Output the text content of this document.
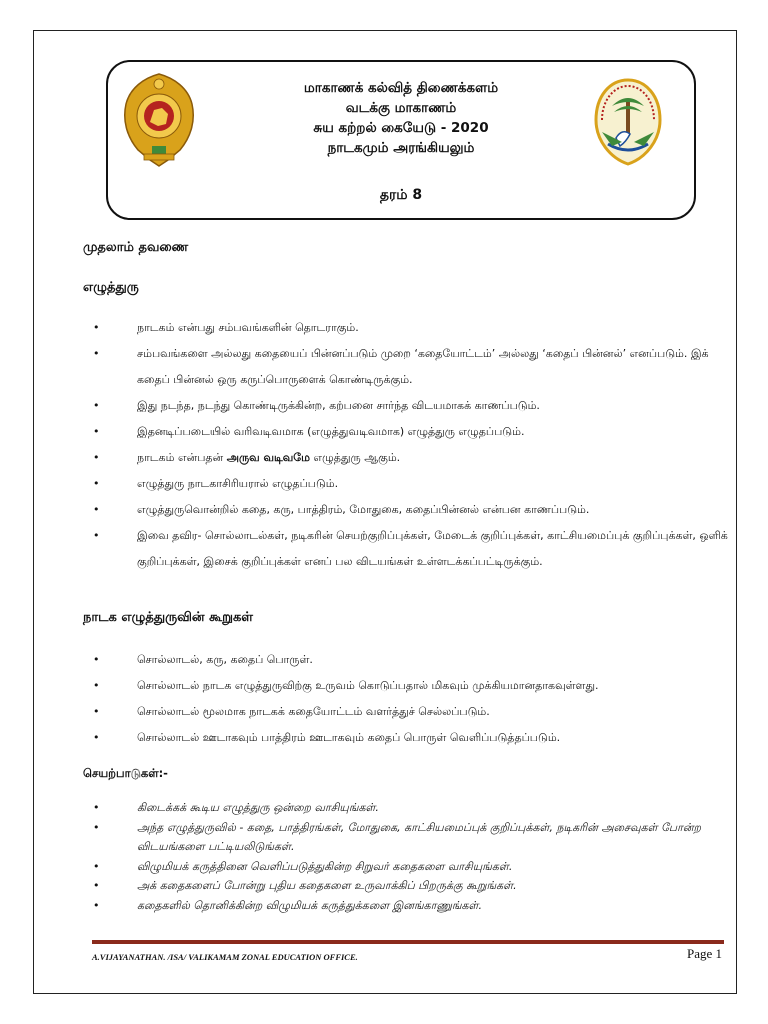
மாகாணக் கல்வித் திணைக்களம்
வடக்கு மாகாணம்
சுய கற்றல் கையேடு - 2020
நாடகமும் அரங்கியலும்
தரம் 8
முதலாம் தவணை
எழுத்துரு
•	நாடகம் என்பது சம்பவங்களின் தொடராகும்.
•	சம்பவங்களை அல்லது கதையைப் பின்னப்படும் முறை ‘கதையோட்டம்’ அல்லது ‘கதைப் பின்னல்’ எனப்படும். இக் கதைப் பின்னல் ஒரு கருப்பொருளைக் கொண்டிருக்கும்.
•	இது நடந்த, நடந்து கொண்டிருக்கின்ற, கற்பனை சார்ந்த விடயமாகக் காணப்படும்.
•	இதனடிப்படையில் வரிவடிவமாக (எழுத்துவடிவமாக) எழுத்துரு எழுதப்படும்.
•	நாடகம் என்பதன் அருவ வடிவமே எழுத்துரு ஆகும்.
•	எழுத்துரு நாடகாசிரியரால் எழுதப்படும்.
•	எழுத்துருவொன்றில் கதை, கரு, பாத்திரம், மோதுகை, கதைப்பின்னல் என்பன காணப்படும்.
•	இவை தவிர- சொல்லாடல்கள், நடிகரின் செயற்குறிப்புக்கள், மேடைக் குறிப்புக்கள், காட்சியமைப்புக் குறிப்புக்கள், ஒளிக் குறிப்புக்கள், இசைக் குறிப்புக்கள் எனப் பல விடயங்கள் உள்ளடக்கப்பட்டிருக்கும்.
நாடக எழுத்துருவின் கூறுகள்
•	சொல்லாடல், கரு, கதைப் பொருள்.
•	சொல்லாடல் நாடக எழுத்துருவிற்கு உருவம் கொடுப்பதால் மிகவும் முக்கியமானதாகவுள்ளது.
•	சொல்லாடல் மூலமாக நாடகக் கதையோட்டம் வளர்த்துச் செல்லப்படும்.
•	சொல்லாடல் ஊடாகவும் பாத்திரம் ஊடாகவும் கதைப் பொருள் வெளிப்படுத்தப்படும்.
செயற்பாடுகள்:-
•	கிடைக்கக் கூடிய எழுத்துரு ஒன்றை வாசியுங்கள்.
•	அந்த எழுத்துருவில் - கதை, பாத்திரங்கள், மோதுகை, காட்சியமைப்புக் குறிப்புக்கள், நடிகரின் அசைவுகள் போன்ற விடயங்களை பட்டியலிடுங்கள்.
•	விழுமியக் கருத்தினை வெளிப்படுத்துகின்ற சிறுவர் கதைகளை வாசியுங்கள்.
•	அக் கதைகளைப் போன்று புதிய கதைகளை உருவாக்கிப் பிறருக்கு கூறுங்கள்.
•	கதைகளில் தொனிக்கின்ற விழுமியக் கருத்துக்களை இனங்காணுங்கள்.
A.VIJAYANATHAN. /ISA/ VALIKAMAM ZONAL EDUCATION OFFICE.	Page 1
